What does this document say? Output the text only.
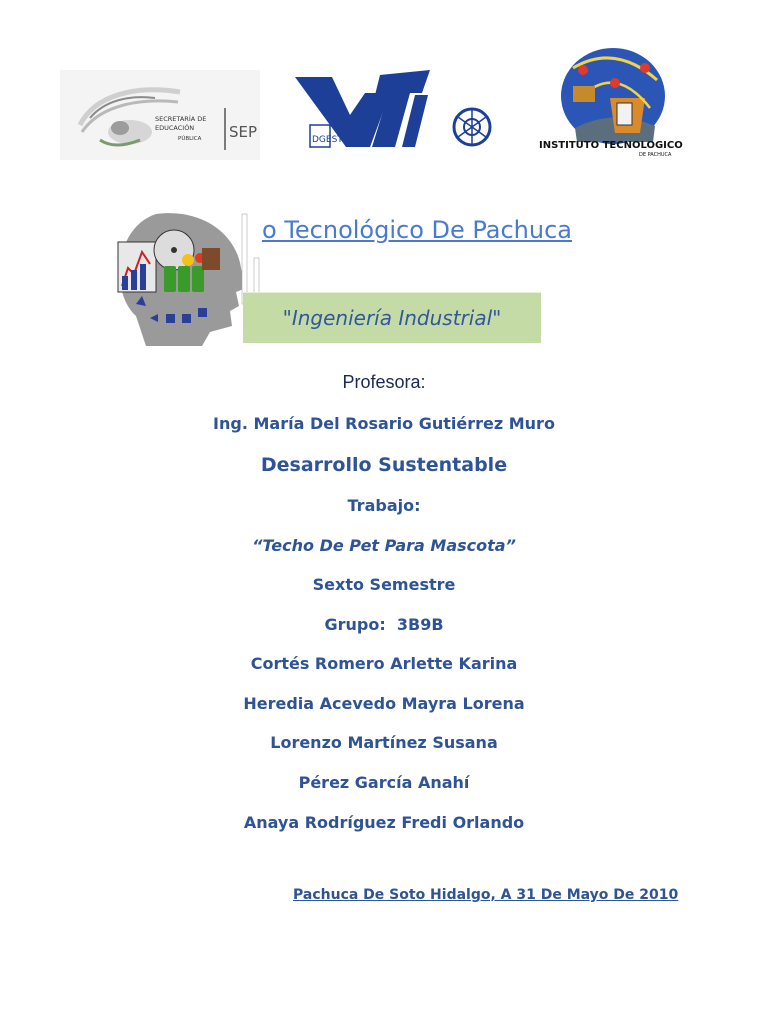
SECRETARÍA DE
EDUCACIÓN
PÚBLICA SEP	DGEST	INSTITUTO TECNOLOGICO
DE PACHUCA
o Tecnológico De Pachuca
"Ingeniería Industrial"
Profesora:
Ing. María Del Rosario Gutiérrez Muro
Desarrollo Sustentable
Trabajo:
“Techo De Pet Para Mascota”
Sexto Semestre
Grupo:  3B9B
Cortés Romero Arlette Karina
Heredia Acevedo Mayra Lorena
Lorenzo Martínez Susana
Pérez García Anahí
Anaya Rodríguez Fredi Orlando
Pachuca De Soto Hidalgo, A 31 De Mayo De 2010
